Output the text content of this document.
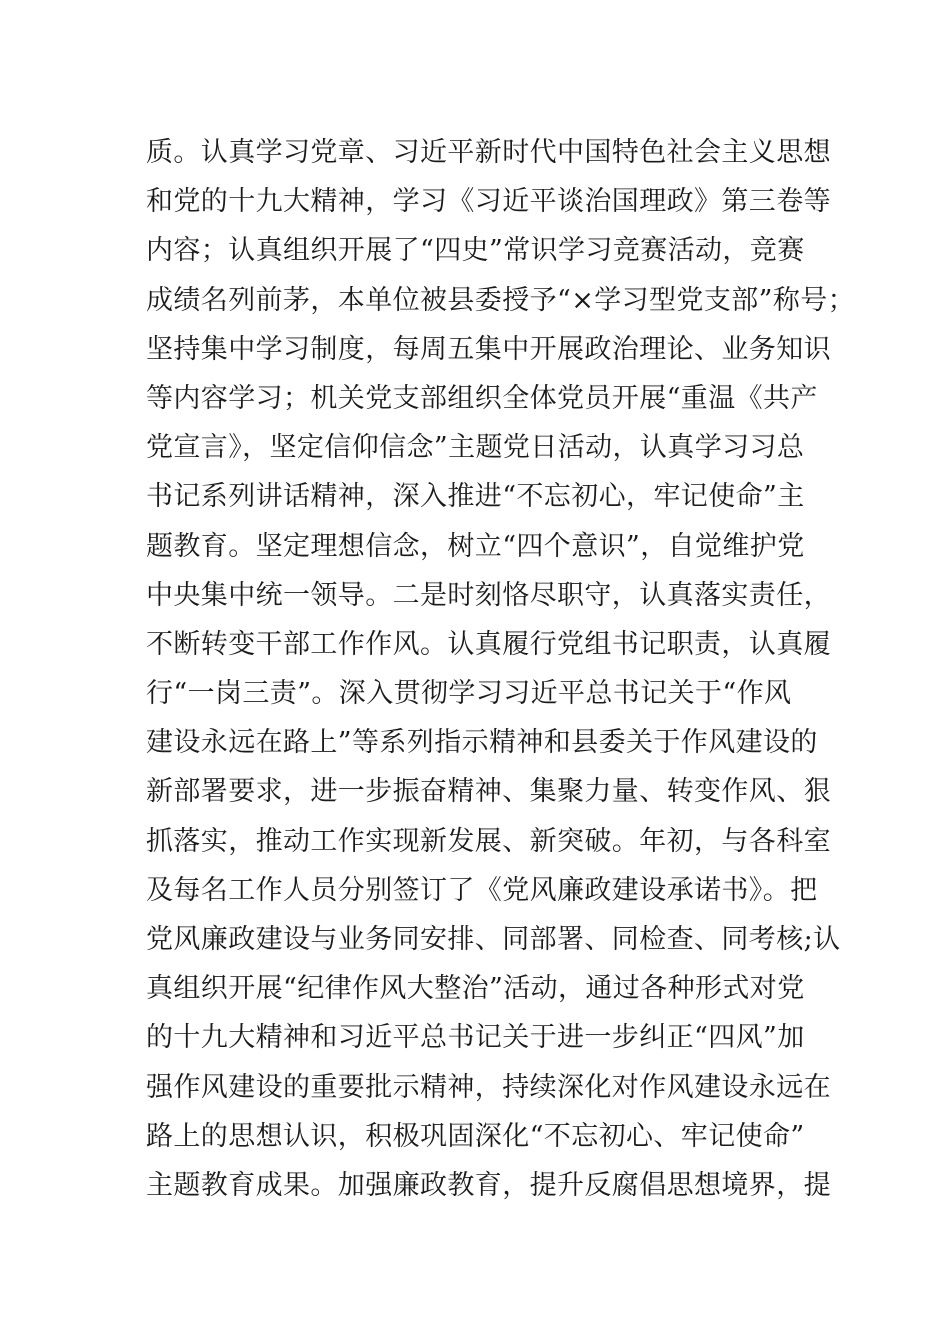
质。认真学习党章、习近平新时代中国特色社会主义思想
和党的十九大精神，学习《习近平谈治国理政》第三卷等
内容；认真组织开展了“四史”常识学习竞赛活动，竞赛
成绩名列前茅，本单位被县委授予“×学习型党支部”称号；
坚持集中学习制度，每周五集中开展政治理论、业务知识
等内容学习；机关党支部组织全体党员开展“重温《共产
党宣言》，坚定信仰信念”主题党日活动，认真学习习总
书记系列讲话精神，深入推进“不忘初心，牢记使命”主
题教育。坚定理想信念，树立“四个意识”，自觉维护党
中央集中统一领导。二是时刻恪尽职守，认真落实责任，
不断转变干部工作作风。认真履行党组书记职责，认真履
行“一岗三责”。深入贯彻学习习近平总书记关于“作风
建设永远在路上”等系列指示精神和县委关于作风建设的
新部署要求，进一步振奋精神、集聚力量、转变作风、狠
抓落实，推动工作实现新发展、新突破。年初，与各科室
及每名工作人员分别签订了《党风廉政建设承诺书》。把
党风廉政建设与业务同安排、同部署、同检查、同考核;认
真组织开展“纪律作风大整治”活动，通过各种形式对党
的十九大精神和习近平总书记关于进一步纠正“四风”加
强作风建设的重要批示精神，持续深化对作风建设永远在
路上的思想认识，积极巩固深化“不忘初心、牢记使命”
主题教育成果。加强廉政教育，提升反腐倡思想境界，提
